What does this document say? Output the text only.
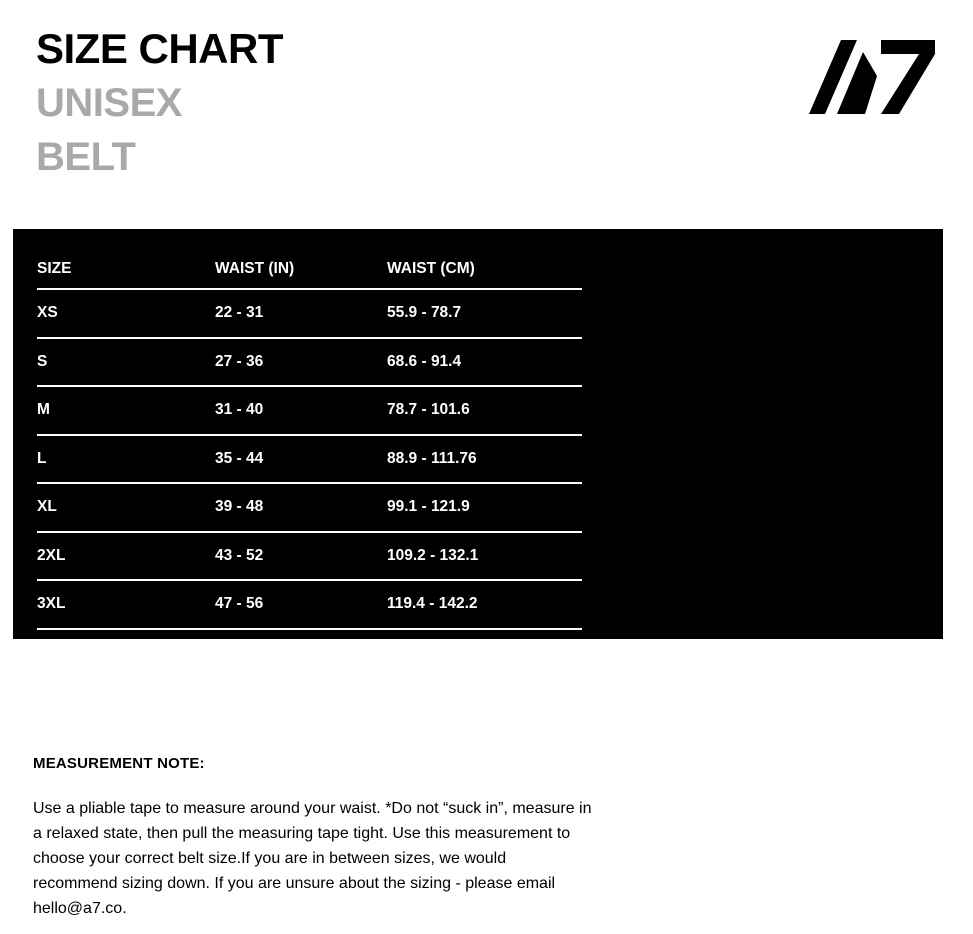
SIZE CHART
UNISEX
BELT
SIZE	WAIST (IN)	WAIST (CM)
XS	22 - 31	55.9 - 78.7
S	27 - 36	68.6 - 91.4
M	31 - 40	78.7 - 101.6
L	35 - 44	88.9 - 111.76
XL	39 - 48	99.1 - 121.9
2XL	43 - 52	109.2 - 132.1
3XL	47 - 56	119.4 - 142.2
MEASUREMENT NOTE:

Use a pliable tape to measure around your waist. *Do not “suck in”, measure in a relaxed state, then pull the measuring tape tight. Use this measurement to choose your correct belt size.If you are in between sizes, we would recommend sizing down. If you are unsure about the sizing - please email hello@a7.co.
